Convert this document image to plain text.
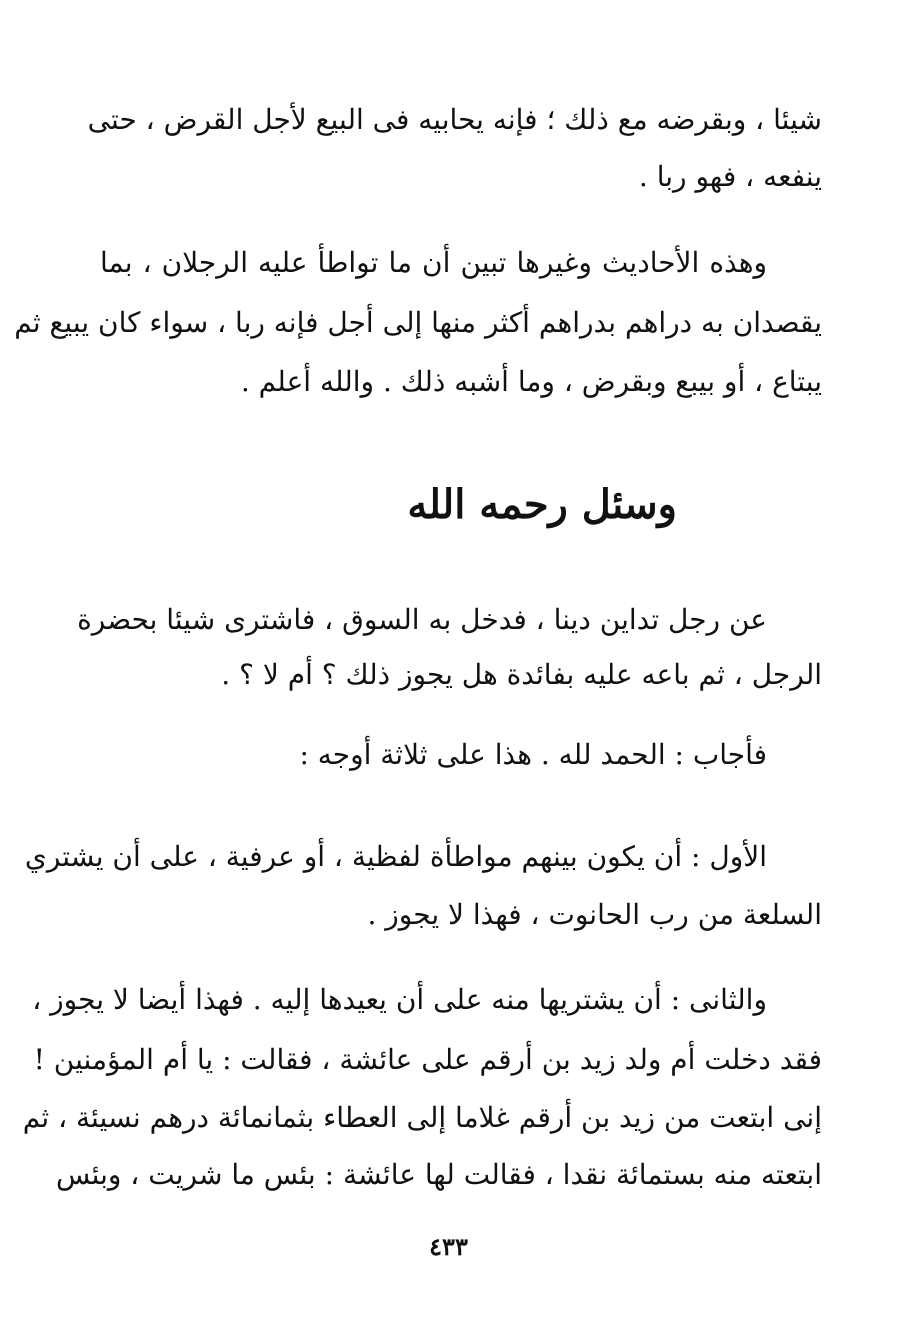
شيئا ، وبقرضه مع ذلك ؛ فإنه يحابيه فى البيع لأجل القرض ، حتى
ينفعه ، فهو ربا .
وهذه الأحاديث وغيرها تبين أن ما تواطأ عليه الرجلان ، بما
يقصدان به دراهم بدراهم أكثر منها إلى أجل فإنه ربا ، سواء كان يبيع ثم
يبتاع ، أو بيبع وبقرض ، وما أشبه ذلك . والله أعلم .
وسئل رحمه الله
عن رجل تداين دينا ، فدخل به السوق ، فاشترى شيئا بحضرة
الرجل ، ثم باعه عليه بفائدة هل يجوز ذلك ؟ أم لا ؟ .
فأجاب : الحمد لله . هذا على ثلاثة أوجه :
الأول : أن يكون بينهم مواطأة لفظية ، أو عرفية ، على أن يشتري
السلعة من رب الحانوت ، فهذا لا يجوز .
والثانى : أن يشتريها منه على أن يعيدها إليه . فهذا أيضا لا يجوز ،
فقد دخلت أم ولد زيد بن أرقم على عائشة ، فقالت : يا أم المؤمنين !
إنى ابتعت من زيد بن أرقم غلاما إلى العطاء بثمانمائة درهم نسيئة ، ثم
ابتعته منه بستمائة نقدا ، فقالت لها عائشة : بئس ما شريت ، وبئس
٤٣٣
